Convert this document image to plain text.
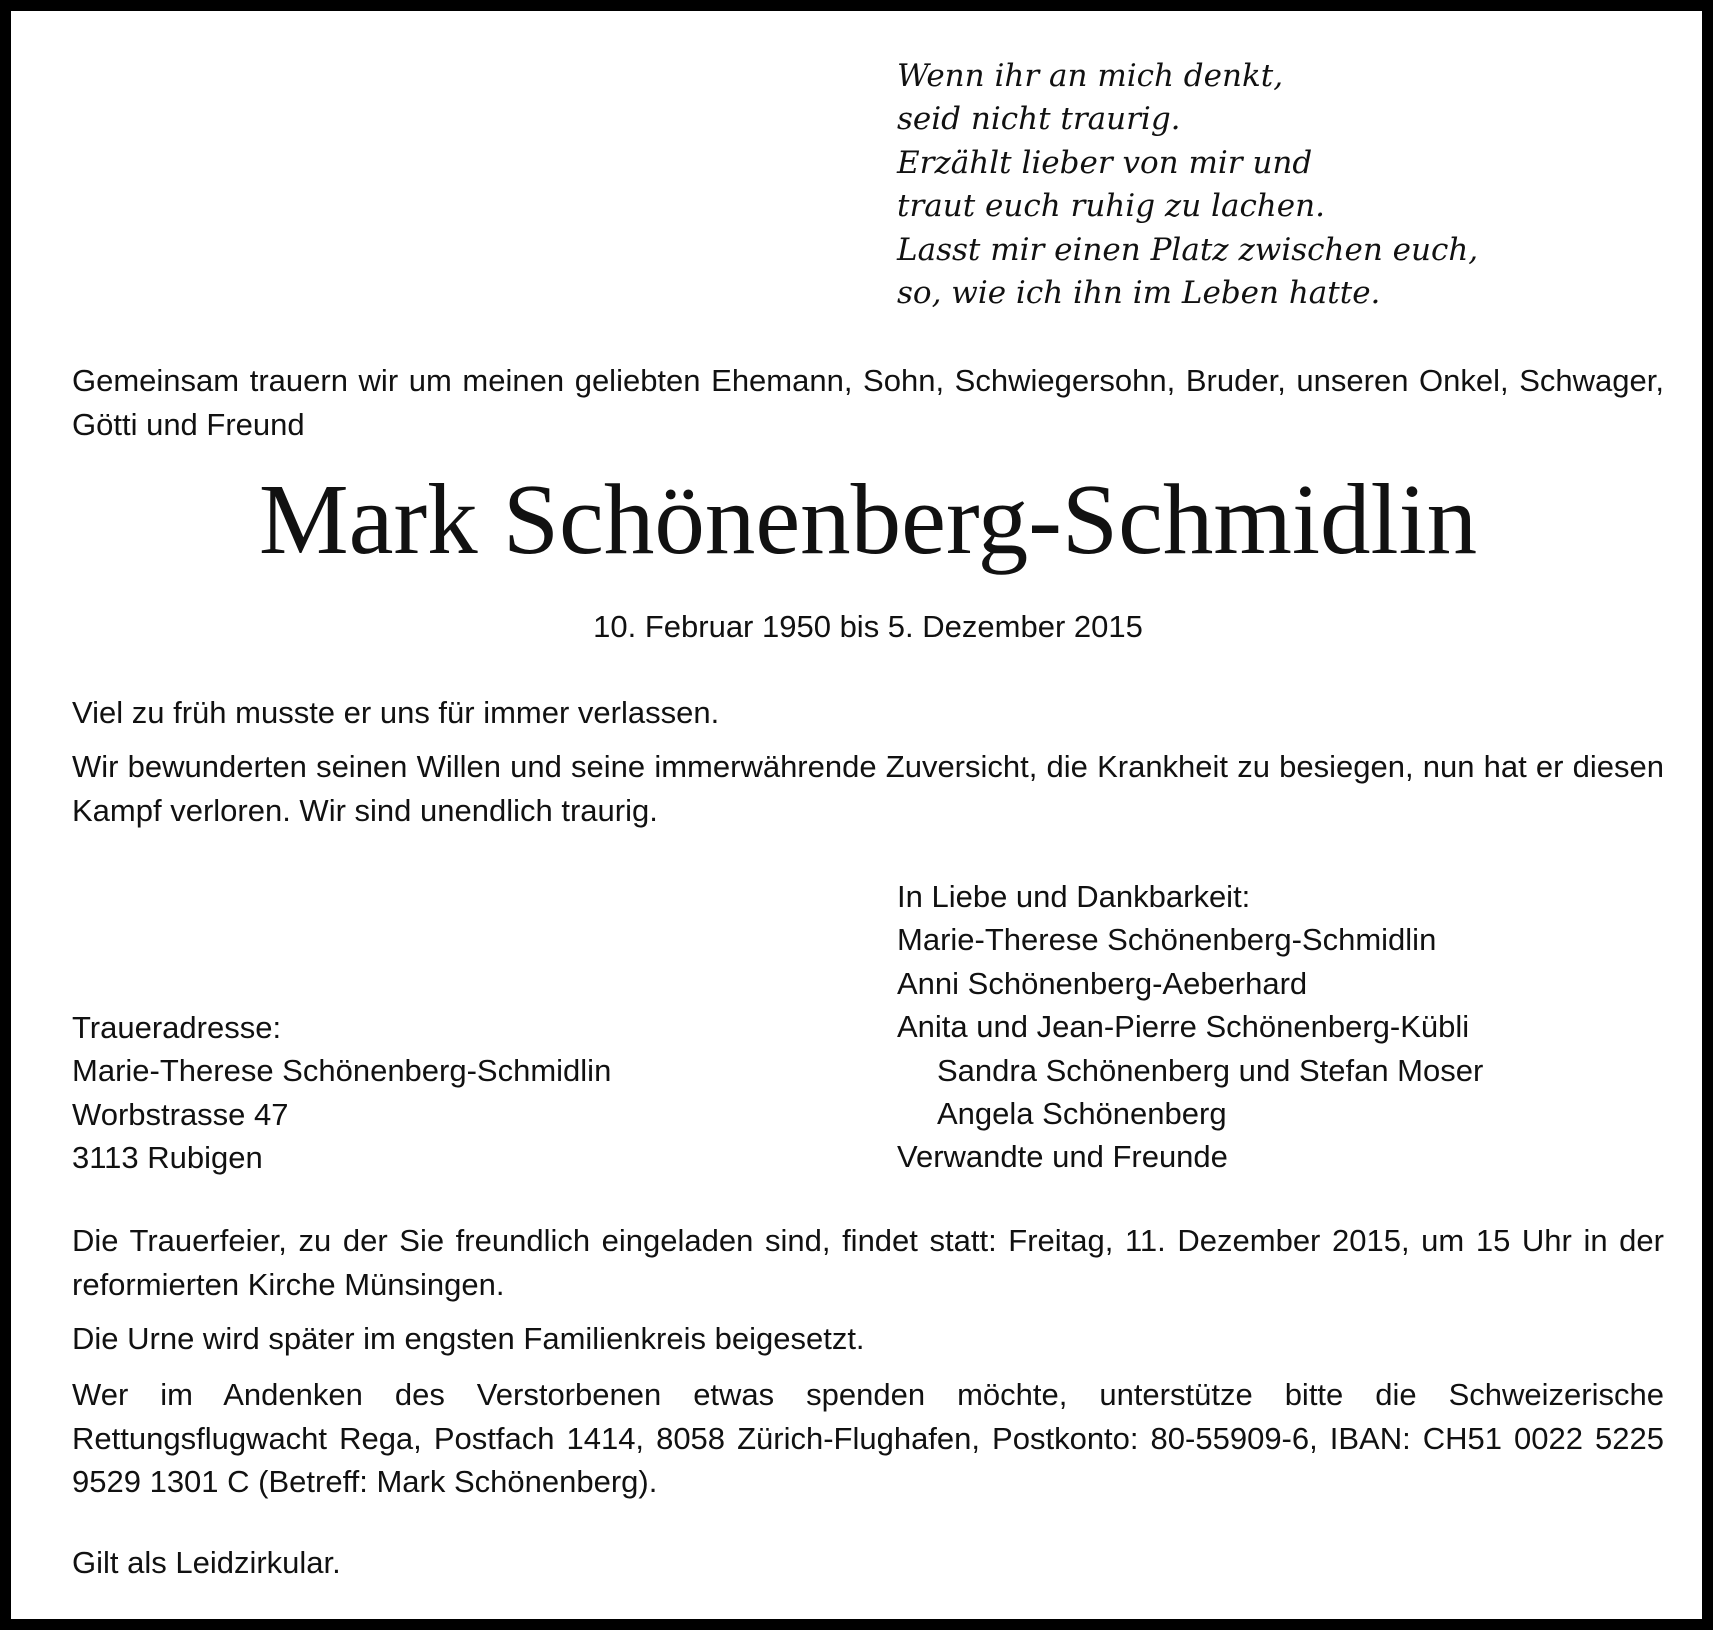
Wenn ihr an mich denkt,
seid nicht traurig.
Erzählt lieber von mir und
traut euch ruhig zu lachen.
Lasst mir einen Platz zwischen euch,
so, wie ich ihn im Leben hatte.
Gemeinsam trauern wir um meinen geliebten Ehemann, Sohn, Schwiegersohn, Bruder, unseren Onkel, Schwager, Götti und Freund
Mark Schönenberg-Schmidlin
10. Februar 1950 bis 5. Dezember 2015
Viel zu früh musste er uns für immer verlassen.
Wir bewunderten seinen Willen und seine immerwährende Zuversicht, die Krankheit zu besiegen, nun hat er diesen Kampf verloren. Wir sind unendlich traurig.
In Liebe und Dankbarkeit:
Marie-Therese Schönenberg-Schmidlin
Anni Schönenberg-Aeberhard
Anita und Jean-Pierre Schönenberg-Kübli
Sandra Schönenberg und Stefan Moser
Angela Schönenberg
Verwandte und Freunde
Traueradresse:
Marie-Therese Schönenberg-Schmidlin
Worbstrasse 47
3113 Rubigen
Die Trauerfeier, zu der Sie freundlich eingeladen sind, findet statt: Freitag, 11. Dezember 2015, um 15 Uhr in der reformierten Kirche Münsingen.
Die Urne wird später im engsten Familienkreis beigesetzt.
Wer im Andenken des Verstorbenen etwas spenden möchte, unterstütze bitte die Schweizerische Rettungsflugwacht Rega, Postfach 1414, 8058 Zürich-Flughafen, Postkonto: 80-55909-6, IBAN: CH51 0022 5225 9529 1301 C (Betreff: Mark Schönenberg).
Gilt als Leidzirkular.
